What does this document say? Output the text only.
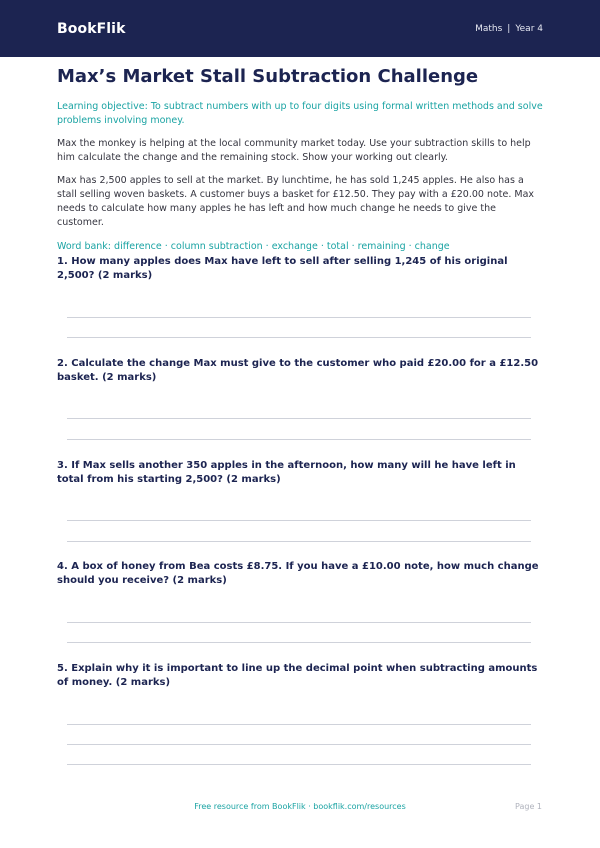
BookFlik	Maths | Year 4
Max’s Market Stall Subtraction Challenge

Learning objective: To subtract numbers with up to four digits using formal written methods and solve problems involving money.

Max the monkey is helping at the local community market today. Use your subtraction skills to help him calculate the change and the remaining stock. Show your working out clearly.

Max has 2,500 apples to sell at the market. By lunchtime, he has sold 1,245 apples. He also has a stall selling woven baskets. A customer buys a basket for £12.50. They pay with a £20.00 note. Max needs to calculate how many apples he has left and how much change he needs to give the customer.

Word bank: difference · column subtraction · exchange · total · remaining · change

1. How many apples does Max have left to sell after selling 1,245 of his original 2,500? (2 marks)

2. Calculate the change Max must give to the customer who paid £20.00 for a £12.50 basket. (2 marks)

3. If Max sells another 350 apples in the afternoon, how many will he have left in total from his starting 2,500? (2 marks)

4. A box of honey from Bea costs £8.75. If you have a £10.00 note, how much change should you receive? (2 marks)

5. Explain why it is important to line up the decimal point when subtracting amounts of money. (2 marks)

Free resource from BookFlik · bookflik.com/resources	Page 1
